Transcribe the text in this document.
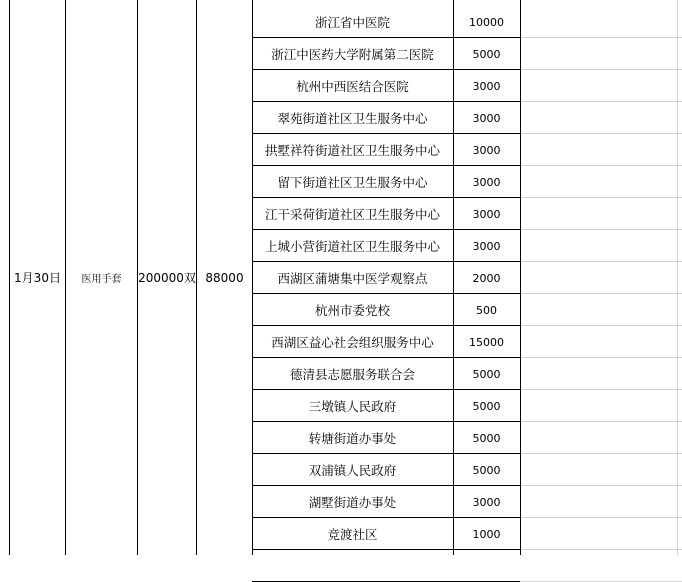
1月30日	医用手套	200000双 88000
浙江省中医院	10000
浙江中医药大学附属第二医院	5000
杭州中西医结合医院	3000
翠苑街道社区卫生服务中心	3000
拱墅祥符街道社区卫生服务中心	3000
留下街道社区卫生服务中心	3000
江干采荷街道社区卫生服务中心	3000
上城小营街道社区卫生服务中心	3000
西湖区蒲塘集中医学观察点	2000
杭州市委党校	500
西湖区益心社会组织服务中心	15000
德清县志愿服务联合会	5000
三墩镇人民政府	5000
转塘街道办事处	5000
双浦镇人民政府	5000
湖墅街道办事处	3000
竞渡社区	1000
